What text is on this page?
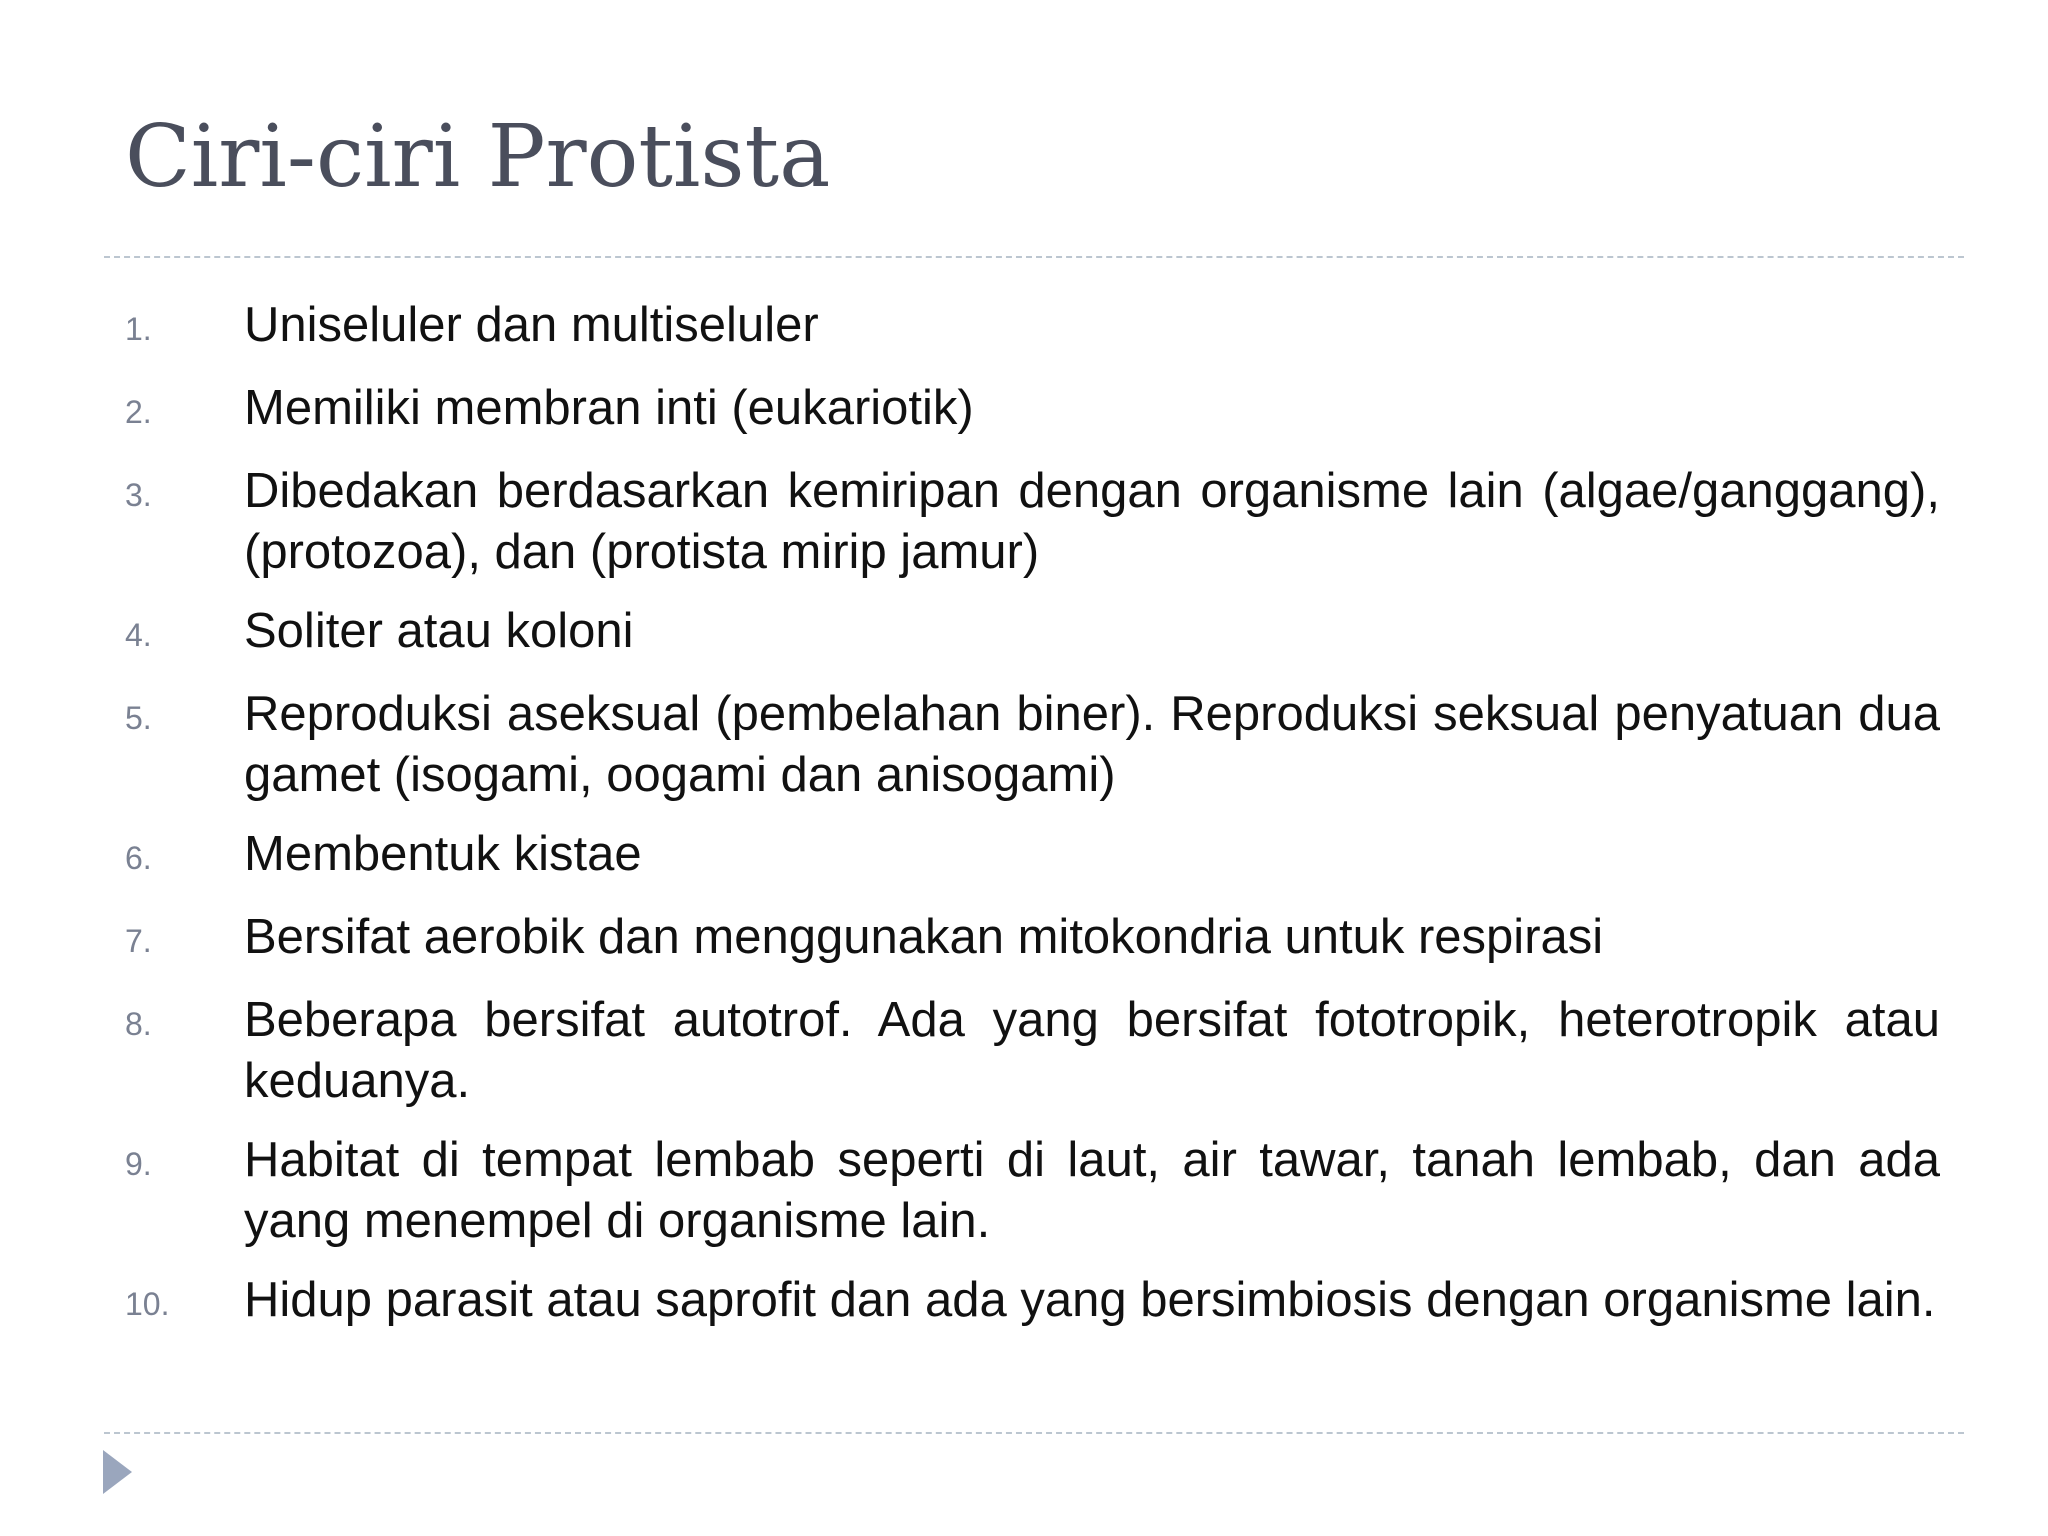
Ciri-ciri Protista
1.	Uniseluler dan multiseluler
2.	Memiliki membran inti (eukariotik)
3.	Dibedakan berdasarkan kemiripan dengan organisme lain (algae/ganggang), (protozoa), dan (protista mirip jamur)
4.	Soliter atau koloni
5.	Reproduksi aseksual (pembelahan biner). Reproduksi seksual penyatuan dua gamet (isogami, oogami dan anisogami)
6.	Membentuk kistae
7.	Bersifat aerobik dan menggunakan mitokondria untuk respirasi
8.	Beberapa bersifat autotrof. Ada yang bersifat fototropik, heterotropik atau keduanya.
9.	Habitat di tempat lembab seperti di laut, air tawar, tanah lembab, dan ada yang menempel di organisme lain.
10.	Hidup parasit atau saprofit dan ada yang bersimbiosis dengan organisme lain.
